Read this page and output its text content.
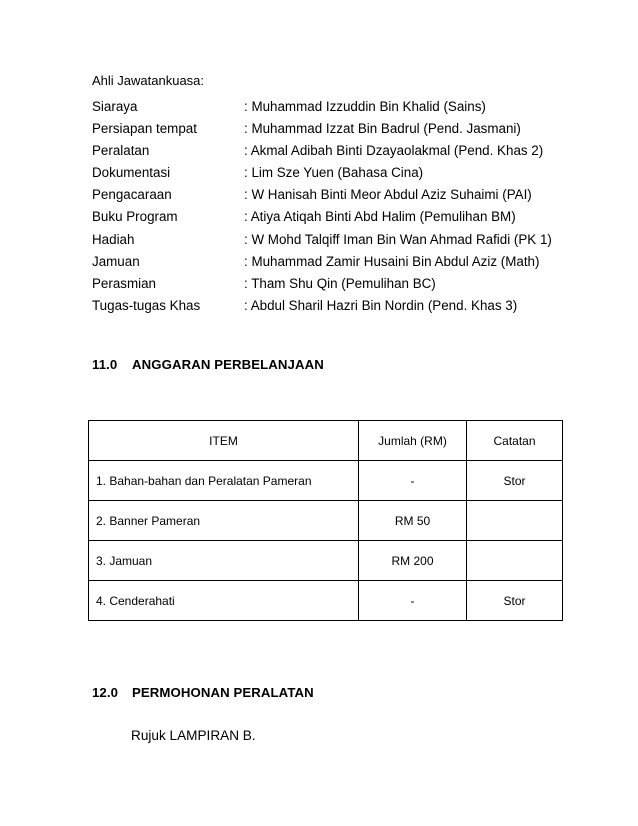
Ahli Jawatankuasa:
Siaraya	: Muhammad Izzuddin Bin Khalid (Sains)
Persiapan tempat	: Muhammad Izzat Bin Badrul (Pend. Jasmani)
Peralatan	: Akmal Adibah Binti Dzayaolakmal (Pend. Khas 2)
Dokumentasi	: Lim Sze Yuen (Bahasa Cina)
Pengacaraan	: W Hanisah Binti Meor Abdul Aziz Suhaimi (PAI)
Buku Program	: Atiya Atiqah Binti Abd Halim (Pemulihan BM)
Hadiah	: W Mohd Talqiff Iman Bin Wan Ahmad Rafidi (PK 1)
Jamuan	: Muhammad Zamir Husaini Bin Abdul Aziz (Math)
Perasmian	: Tham Shu Qin (Pemulihan BC)
Tugas-tugas Khas	: Abdul Sharil Hazri Bin Nordin (Pend. Khas 3)
11.0 ANGGARAN PERBELANJAAN
ITEM	Jumlah (RM)	Catatan
1. Bahan-bahan dan Peralatan Pameran	-	Stor
2. Banner Pameran	RM 50	
3. Jamuan	RM 200	
4. Cenderahati	-	Stor
12.0 PERMOHONAN PERALATAN
Rujuk LAMPIRAN B.
